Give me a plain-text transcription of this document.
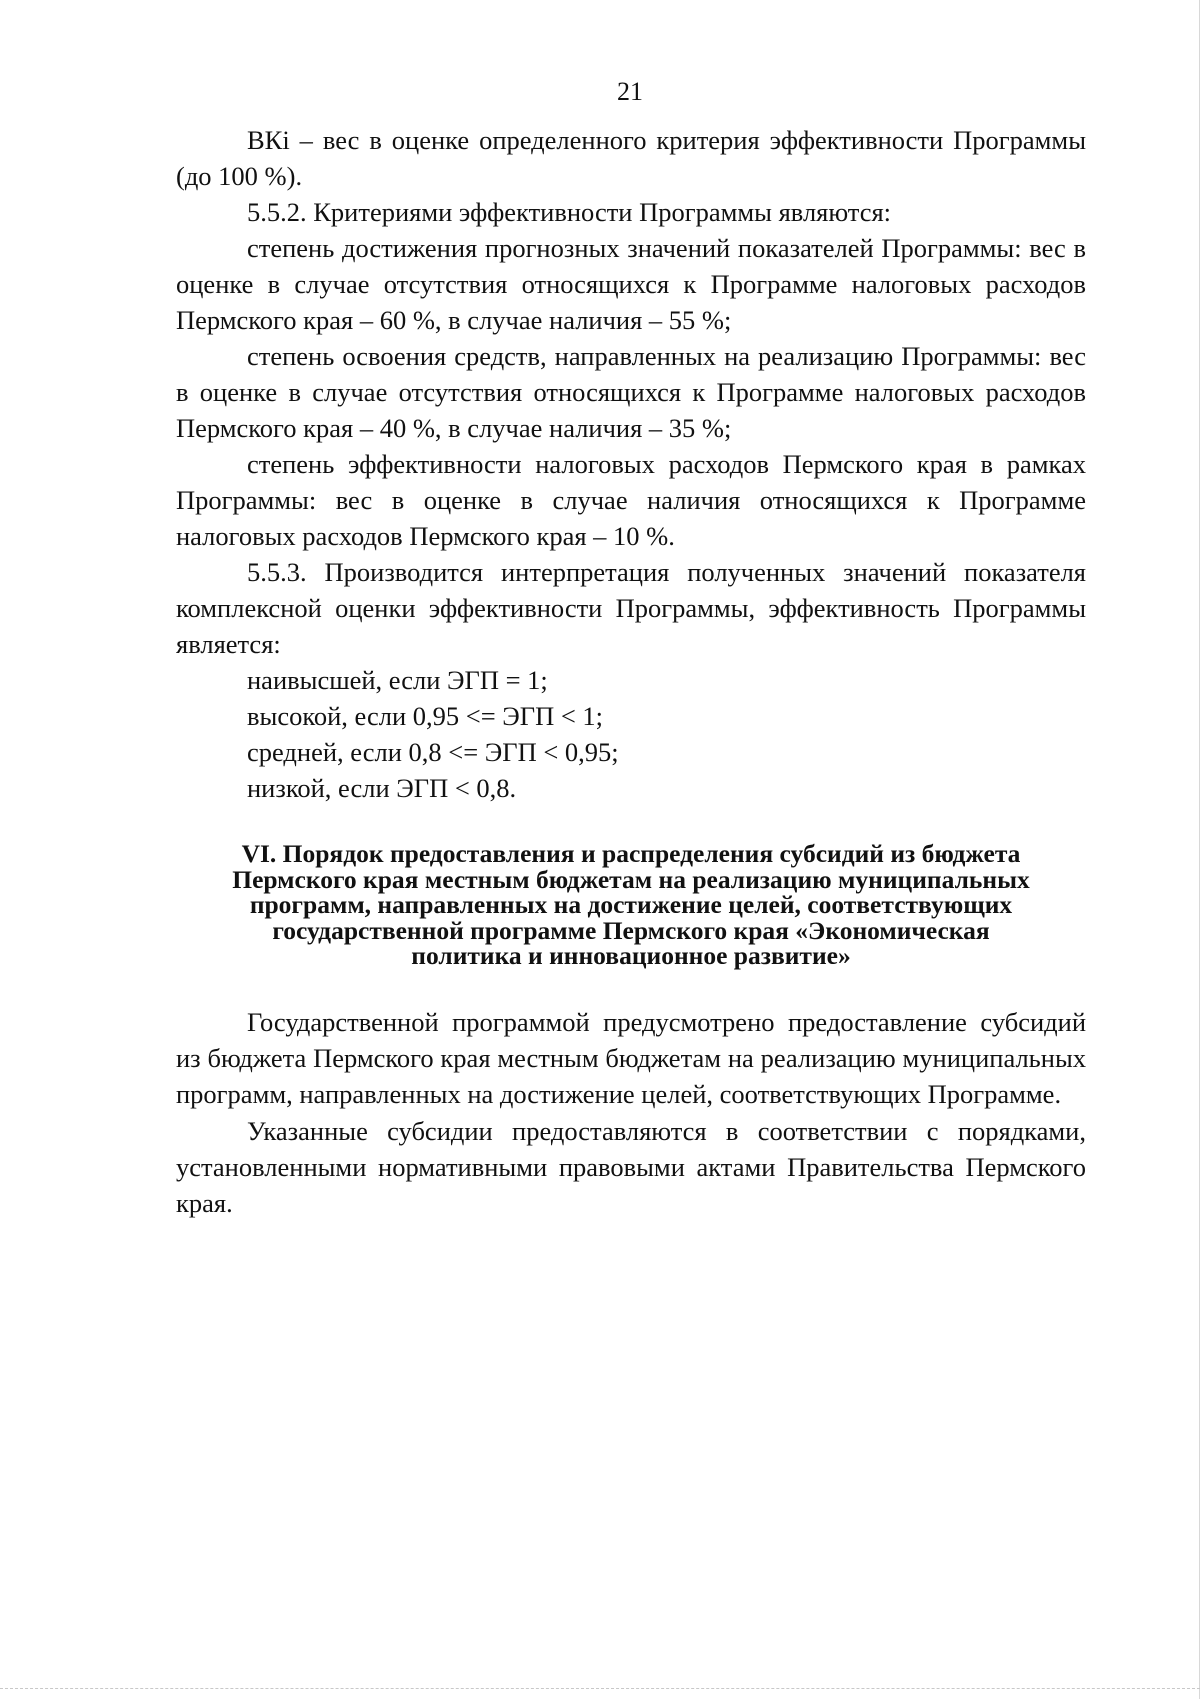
21

ВКi – вес в оценке определенного критерия эффективности Программы (до 100 %).

5.5.2. Критериями эффективности Программы являются:

степень достижения прогнозных значений показателей Программы: вес в оценке в случае отсутствия относящихся к Программе налоговых расходов Пермского края – 60 %, в случае наличия – 55 %;

степень освоения средств, направленных на реализацию Программы: вес в оценке в случае отсутствия относящихся к Программе налоговых расходов Пермского края – 40 %, в случае наличия – 35 %;

степень эффективности налоговых расходов Пермского края в рамках Программы: вес в оценке в случае наличия относящихся к Программе налоговых расходов Пермского края – 10 %.

5.5.3. Производится интерпретация полученных значений показателя комплексной оценки эффективности Программы, эффективность Программы является:

наивысшей, если ЭГП = 1;

высокой, если 0,95 <= ЭГП < 1;

средней, если 0,8 <= ЭГП < 0,95;

низкой, если ЭГП < 0,8.

VI. Порядок предоставления и распределения субсидий из бюджета
Пермского края местным бюджетам на реализацию муниципальных
программ, направленных на достижение целей, соответствующих
государственной программе Пермского края «Экономическая
политика и инновационное развитие»

Государственной программой предусмотрено предоставление субсидий из бюджета Пермского края местным бюджетам на реализацию муниципальных программ, направленных на достижение целей, соответствующих Программе.

Указанные субсидии предоставляются в соответствии с порядками, установленными нормативными правовыми актами Правительства Пермского края.
